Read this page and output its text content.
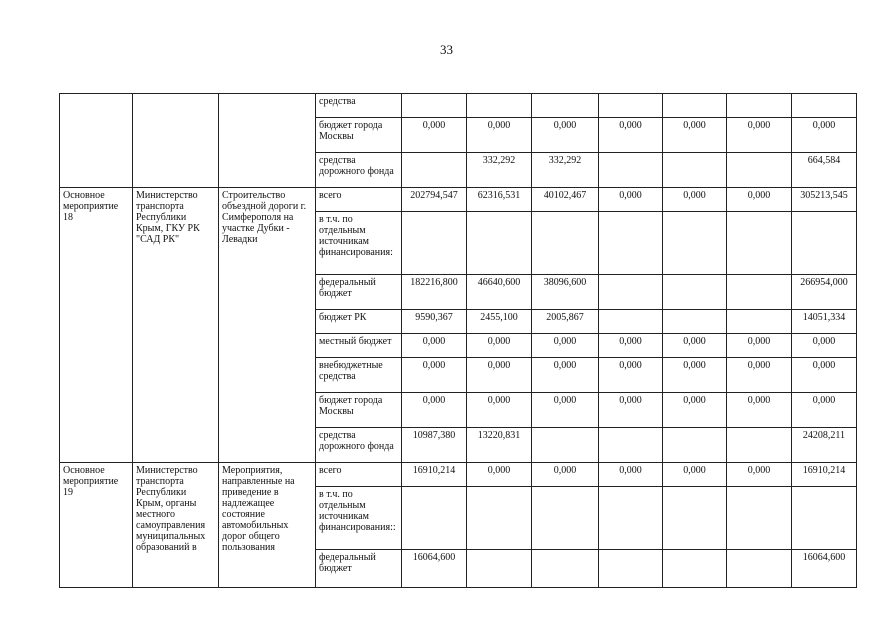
33
			средства							
			бюджет города Москвы	0,000	0,000	0,000	0,000	0,000	0,000	0,000
			средства дорожного фонда		332,292	332,292				664,584
Основное мероприятие 18	Министерство транспорта Республики Крым, ГКУ РК "САД РК"	Строительство объездной дороги г. Симферополя на участке Дубки - Левадки	всего	202794,547	62316,531	40102,467	0,000	0,000	0,000	305213,545
			в т.ч. по отдельным источникам финансирования:							
			федеральный бюджет	182216,800	46640,600	38096,600				266954,000
			бюджет РК	9590,367	2455,100	2005,867				14051,334
			местный бюджет	0,000	0,000	0,000	0,000	0,000	0,000	0,000
			внебюджетные средства	0,000	0,000	0,000	0,000	0,000	0,000	0,000
			бюджет города Москвы	0,000	0,000	0,000	0,000	0,000	0,000	0,000
			средства дорожного фонда	10987,380	13220,831					24208,211
Основное мероприятие 19	Министерство транспорта Республики Крым, органы местного самоуправления муниципальных образований в	Мероприятия, направленные на приведение в надлежащее состояние автомобильных дорог общего пользования	всего	16910,214	0,000	0,000	0,000	0,000	0,000	16910,214
			в т.ч. по отдельным источникам финансирования::							
			федеральный бюджет	16064,600						16064,600
